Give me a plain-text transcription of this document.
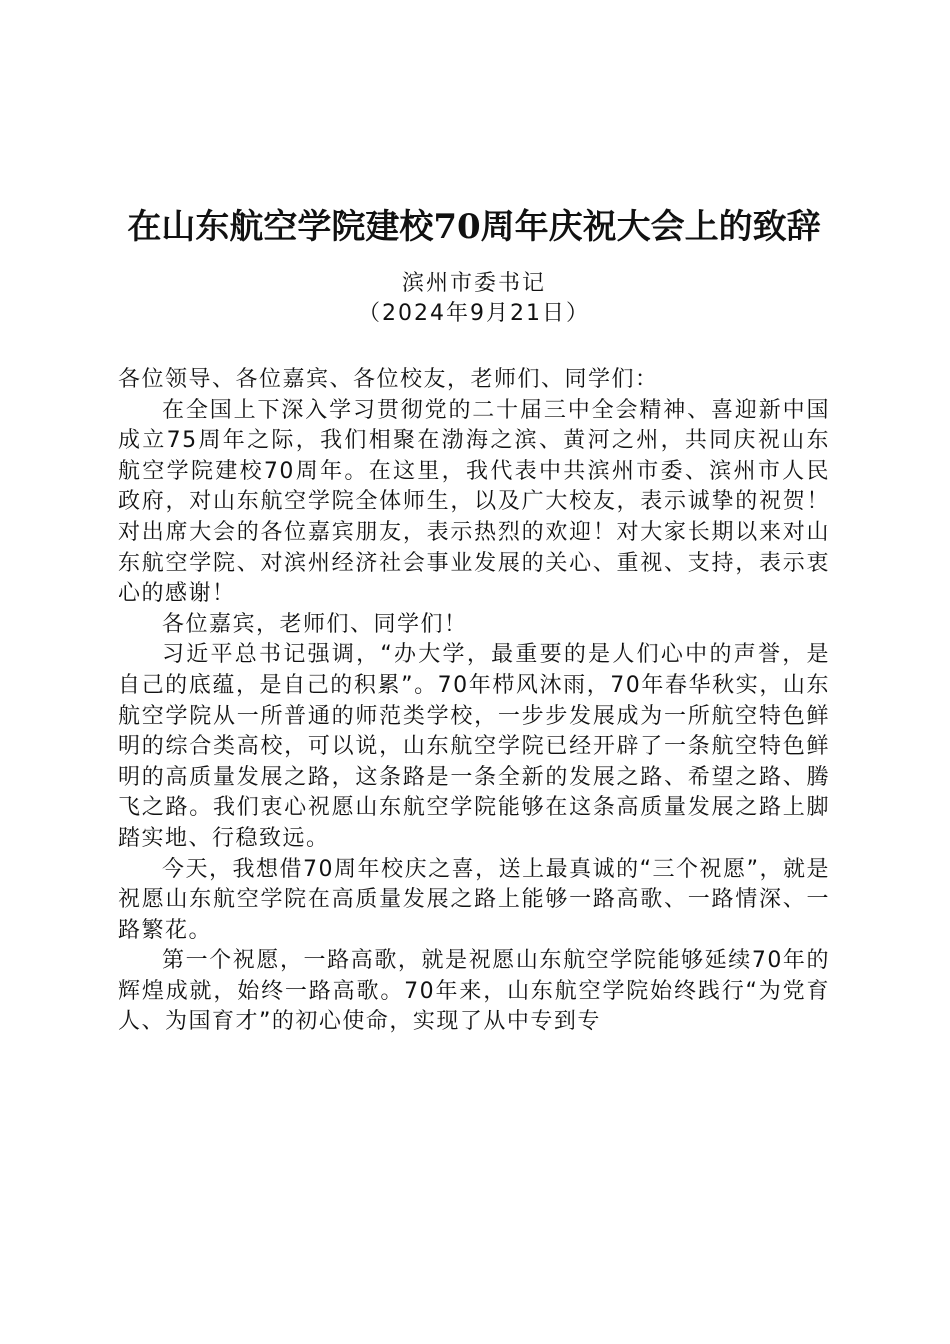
在山东航空学院建校70周年庆祝大会上的致辞

滨州市委书记

（2024年9月21日）

各位领导、各位嘉宾、各位校友，老师们、同学们：

在全国上下深入学习贯彻党的二十届三中全会精神、喜迎新中国成立75周年之际，我们相聚在渤海之滨、黄河之州，共同庆祝山东航空学院建校70周年。在这里，我代表中共滨州市委、滨州市人民政府，对山东航空学院全体师生，以及广大校友，表示诚挚的祝贺！对出席大会的各位嘉宾朋友，表示热烈的欢迎！对大家长期以来对山东航空学院、对滨州经济社会事业发展的关心、重视、支持，表示衷心的感谢！

各位嘉宾，老师们、同学们！

习近平总书记强调，“办大学，最重要的是人们心中的声誉，是自己的底蕴，是自己的积累”。70年栉风沐雨，70年春华秋实，山东航空学院从一所普通的师范类学校，一步步发展成为一所航空特色鲜明的综合类高校，可以说，山东航空学院已经开辟了一条航空特色鲜明的高质量发展之路，这条路是一条全新的发展之路、希望之路、腾飞之路。我们衷心祝愿山东航空学院能够在这条高质量发展之路上脚踏实地、行稳致远。

今天，我想借70周年校庆之喜，送上最真诚的“三个祝愿”，就是祝愿山东航空学院在高质量发展之路上能够一路高歌、一路情深、一路繁花。

第一个祝愿，一路高歌，就是祝愿山东航空学院能够延续70年的辉煌成就，始终一路高歌。70年来，山东航空学院始终践行“为党育人、为国育才”的初心使命，实现了从中专到专
